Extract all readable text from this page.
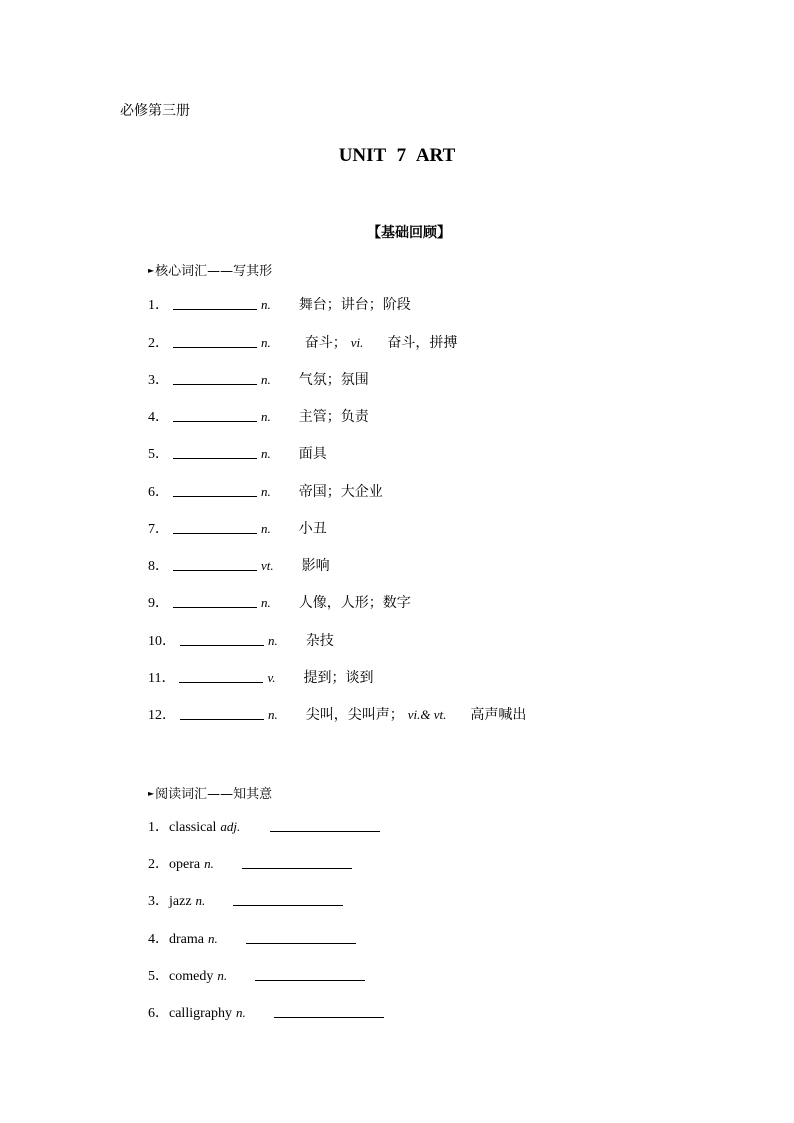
必修第三册
UNIT 7 ART
【基础回顾】
►核心词汇——写其形
1．	n. 舞台；讲台；阶段
2．	n. 奋斗； vi. 奋斗，拼搏
3．	n. 气氛；氛围
4．	n. 主管；负责
5．	n. 面具
6．	n. 帝国；大企业
7．	n. 小丑
8．	vt. 影响
9．	n. 人像，人形；数字
10．	n. 杂技
11．	v. 提到；谈到
12．	n. 尖叫，尖叫声； vi.& vt. 高声喊出
►阅读词汇——知其意
1．classical adj.
2．opera n.
3．jazz n.
4．drama n.
5．comedy n.
6．calligraphy n.
